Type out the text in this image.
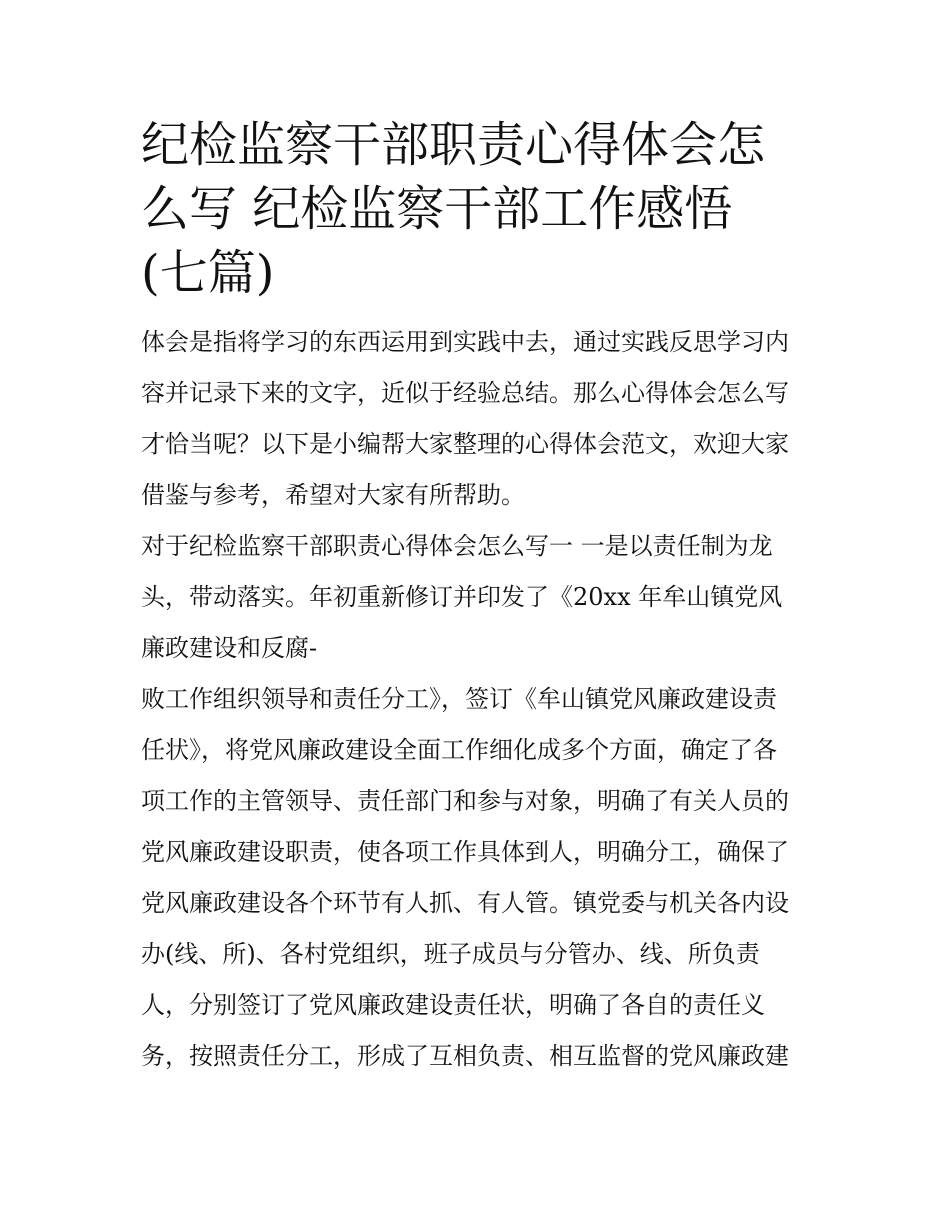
纪检监察干部职责心得体会怎
么写 纪检监察干部工作感悟
(七篇)
体会是指将学习的东西运用到实践中去，通过实践反思学习内
容并记录下来的文字，近似于经验总结。那么心得体会怎么写
才恰当呢？以下是小编帮大家整理的心得体会范文，欢迎大家
借鉴与参考，希望对大家有所帮助。
对于纪检监察干部职责心得体会怎么写一 一是以责任制为龙
头，带动落实。年初重新修订并印发了《20xx 年牟山镇党风
廉政建设和反腐-
败工作组织领导和责任分工》，签订《牟山镇党风廉政建设责
任状》，将党风廉政建设全面工作细化成多个方面，确定了各
项工作的主管领导、责任部门和参与对象，明确了有关人员的
党风廉政建设职责，使各项工作具体到人，明确分工，确保了
党风廉政建设各个环节有人抓、有人管。镇党委与机关各内设
办(线、所)、各村党组织，班子成员与分管办、线、所负责
人，分别签订了党风廉政建设责任状，明确了各自的责任义
务，按照责任分工，形成了互相负责、相互监督的党风廉政建
